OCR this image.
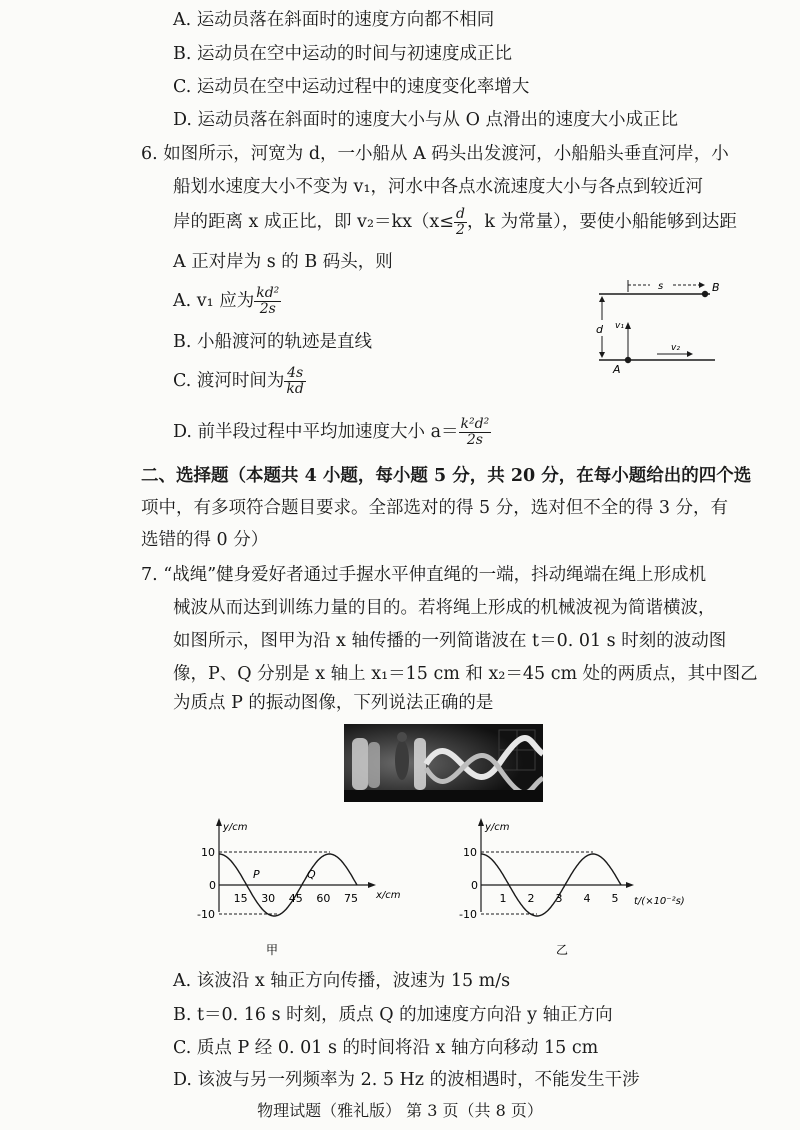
A. 运动员落在斜面时的速度方向都不相同
B. 运动员在空中运动的时间与初速度成正比
C. 运动员在空中运动过程中的速度变化率增大
D. 运动员落在斜面时的速度大小与从 O 点滑出的速度大小成正比
6. 如图所示，河宽为 d，一小船从 A 码头出发渡河，小船船头垂直河岸，小
船划水速度大小不变为 v₁，河水中各点水流速度大小与各点到较近河
岸的距离 x 成正比，即 $v_2=kx(x\le \frac{d}{2}$ ，k 为常量），要使小船能够到达距
A 正对岸为 s 的 B 码头，则
A. v₁ 应为 $\frac{\text{kd²}}{2s}$
B. 小船渡河的轨迹是直线
C. 渡河时间为 $\frac{4s}{kd}$
D. 前半段过程中平均加速度大小 $a= \frac{\text{k²d²}}{2s}$
s	B
d v₁
v₂
A
二、选择题（本题共 4 小题，每小题 5 分，共 20 分，在每小题给出的四个选
项中，有多项符合题目要求。全部选对的得 5 分，选对但不全的得 3 分，有
选错的得 0 分）
7. “战绳”健身爱好者通过手握水平伸直绳的一端，抖动绳端在绳上形成机
械波从而达到训练力量的目的。若将绳上形成的机械波视为简谐横波，
如图所示，图甲为沿 x 轴传播的一列简谐波在 t＝0. 01 s 时刻的波动图
像，P、Q 分别是 x 轴上 x₁＝15 cm 和 x₂＝45 cm 处的两质点，其中图乙
为质点 P 的振动图像，下列说法正确的是
y/cm
10
0
-10
15 30 45 60 75 x/cm
P	Q
甲
y/cm
10
0
-10
1 2 3 4 5 t/(×10⁻²s)
乙
A. 该波沿 x 轴正方向传播，波速为 15 m/s
B. t＝0. 16 s 时刻，质点 Q 的加速度方向沿 y 轴正方向
C. 质点 P 经 0. 01 s 的时间将沿 x 轴方向移动 15 cm
D. 该波与另一列频率为 2. 5 Hz 的波相遇时，不能发生干涉
物理试题（雅礼版） 第 3 页（共 8 页）
